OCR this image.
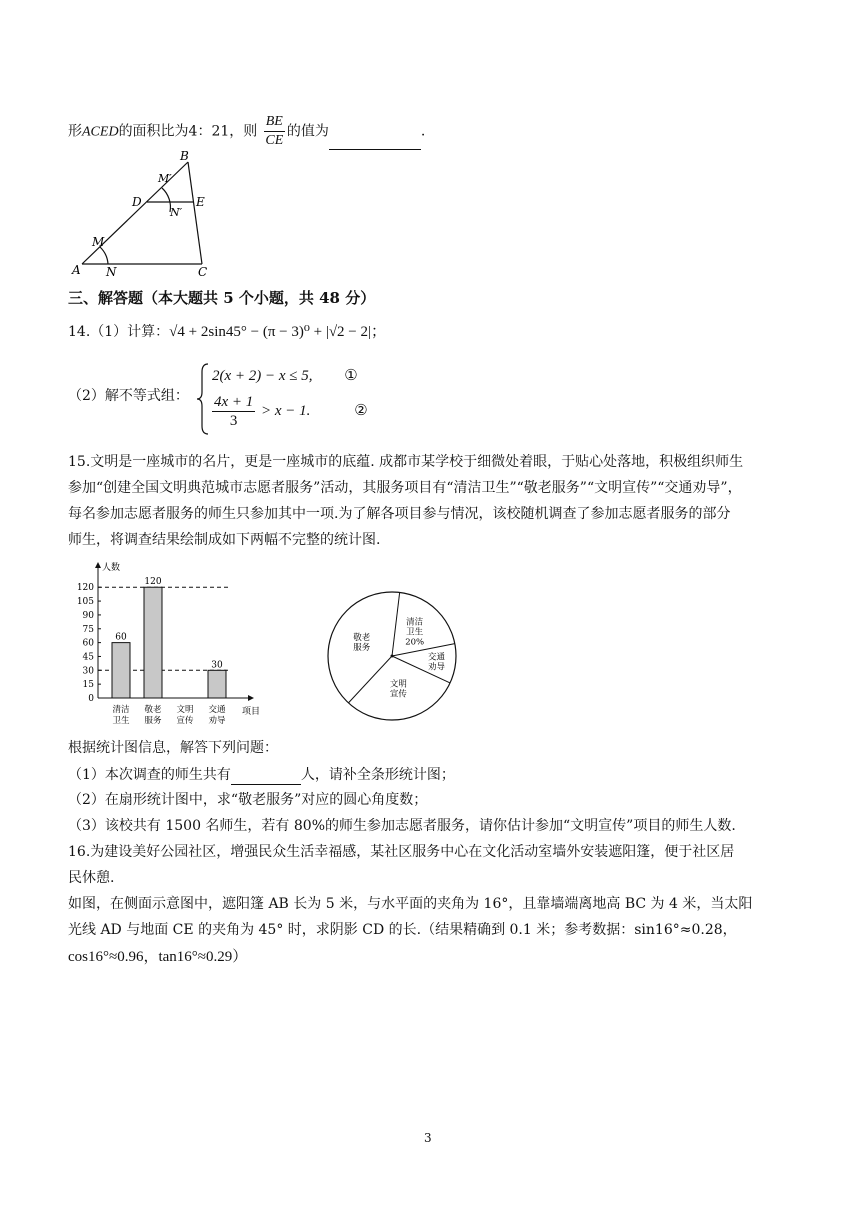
形ACED的面积比为4：21，则 $\frac{BE}{CE}$ 的值为	.
A N	C
M
D	E
B
M′
N′
三、解答题（本大题共 5 个小题，共 48 分）
14.（1）计算：√4 + 2sin45° − (π − 3)⁰ + |√2 − 2|；
（2）解不等式组：
2(x + 2) − x ≤ 5, ①
$\frac{4x + 1}{3} > x - 1$.	②
15.文明是一座城市的名片，更是一座城市的底蕴. 成都市某学校于细微处着眼，于贴心处落地，积极组织师生
参加“创建全国文明典范城市志愿者服务”活动，其服务项目有“清洁卫生”“敬老服务”“文明宣传”“交通劝导”，
每名参加志愿者服务的师生只参加其中一项.为了解各项目参与情况，该校随机调查了参加志愿者服务的部分
师生，将调查结果绘制成如下两幅不完整的统计图.
人数
项目
0
15
30
45
60
75
90
105
120
60
清洁
卫生
120
敬老
服务
文明
宣传
30
交通
劝导
清洁
卫生
20%
交通
劝导
文明
宣传
敬老
服务
根据统计图信息，解答下列问题：
（1）本次调查的师生共有	人，请补全条形统计图；
（2）在扇形统计图中，求“敬老服务”对应的圆心角度数；
（3）该校共有 1500 名师生，若有 80%的师生参加志愿者服务，请你估计参加“文明宣传”项目的师生人数.
16.为建设美好公园社区，增强民众生活幸福感，某社区服务中心在文化活动室墙外安装遮阳篷，便于社区居
民休憩.
如图，在侧面示意图中，遮阳篷 AB 长为 5 米，与水平面的夹角为 16°，且靠墙端离地高 BC 为 4 米，当太阳
光线 AD 与地面 CE 的夹角为 45° 时，求阴影 CD 的长.（结果精确到 0.1 米；参考数据：sin16°≈0.28，
cos16°≈0.96，tan16°≈0.29）
3
